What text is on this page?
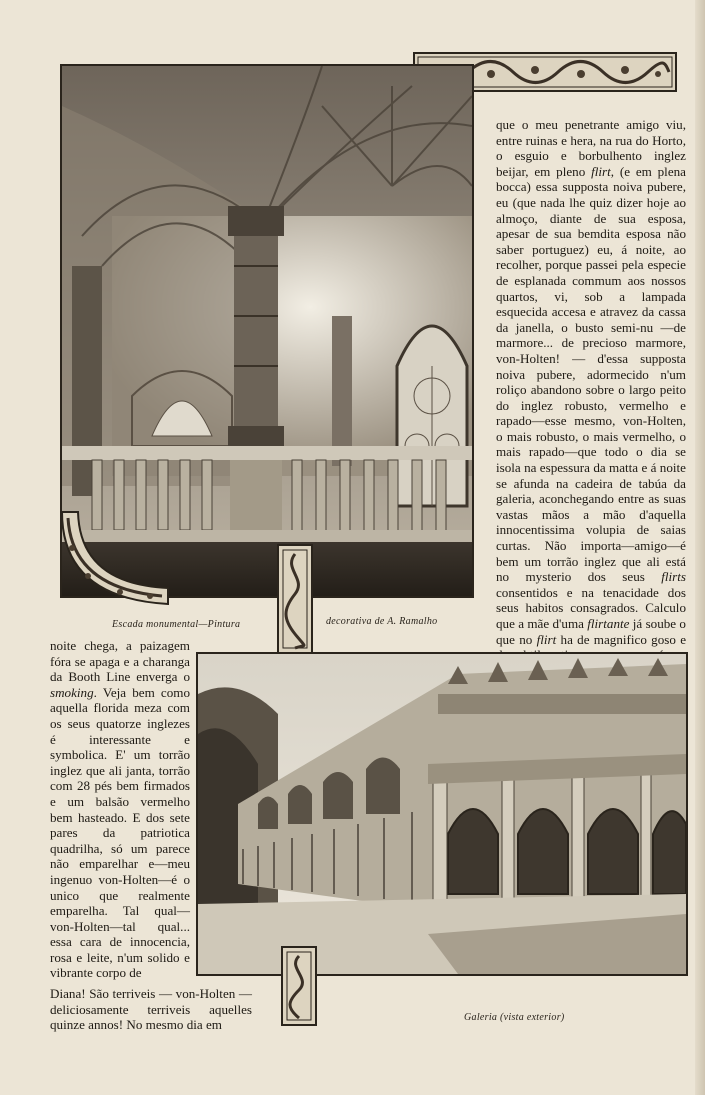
Escada monumental—Pintura	decorativa de A. Ramalho

que o meu penetrante amigo viu, entre ruinas e hera, na rua do Horto, o esguio e borbulhento inglez beijar, em pleno flirt, (e em plena bocca) essa supposta noiva pubere, eu (que nada lhe quiz dizer hoje ao almoço, diante de sua esposa, apesar de sua bemdita esposa não saber portuguez) eu, á noite, ao recolher, porque passei pela especie de esplanada commum aos nossos quartos, vi, sob a lampada esquecida accesa e atravez da cassa da janella, o busto semi-nu —de marmore... de precioso marmore, von-Holten! — d'essa supposta noiva pubere, adormecido n'um roliço abandono sobre o largo peito do inglez robusto, vermelho e rapado—esse mesmo, von-Holten, o mais robusto, o mais vermelho, o mais rapado—que todo o dia se isola na espessura da matta e á noite se afunda na cadeira de tabúa da galeria, aconchegando entre as suas vastas mãos a mão d'aquella innocentissima volupia de saias curtas. Não importa—amigo—é bem um torrão inglez que ali está no mysterio dos seus flirts consentidos e na tenacidade dos seus habitos consagrados. Calculo que a mãe d'uma flirtante já soube o que no flirt ha de magnifico goso e

noite chega, a paizagem fóra se apaga e a charanga da Booth Line enverga o smoking. Veja bem como aquella florida meza com os seus quatorze inglezes é interessante e symbolica. E' um torrão inglez que ali janta, torrão com 28 pés bem firmados e um balsão vermelho bem hasteado. E dos sete pares da patriotica quadrilha, só um parece não emparelhar e—meu ingenuo von-Holten—é o unico que realmente emparelha. Tal qual—von-Holten—tal qual... essa cara de innocencia, rosa e leite, n'um solido e vibrante corpo de

Diana! São terriveis — von-Holten — deliciosamente terriveis aquelles quinze annos! No mesmo dia em	Galeria (vista exterior)
